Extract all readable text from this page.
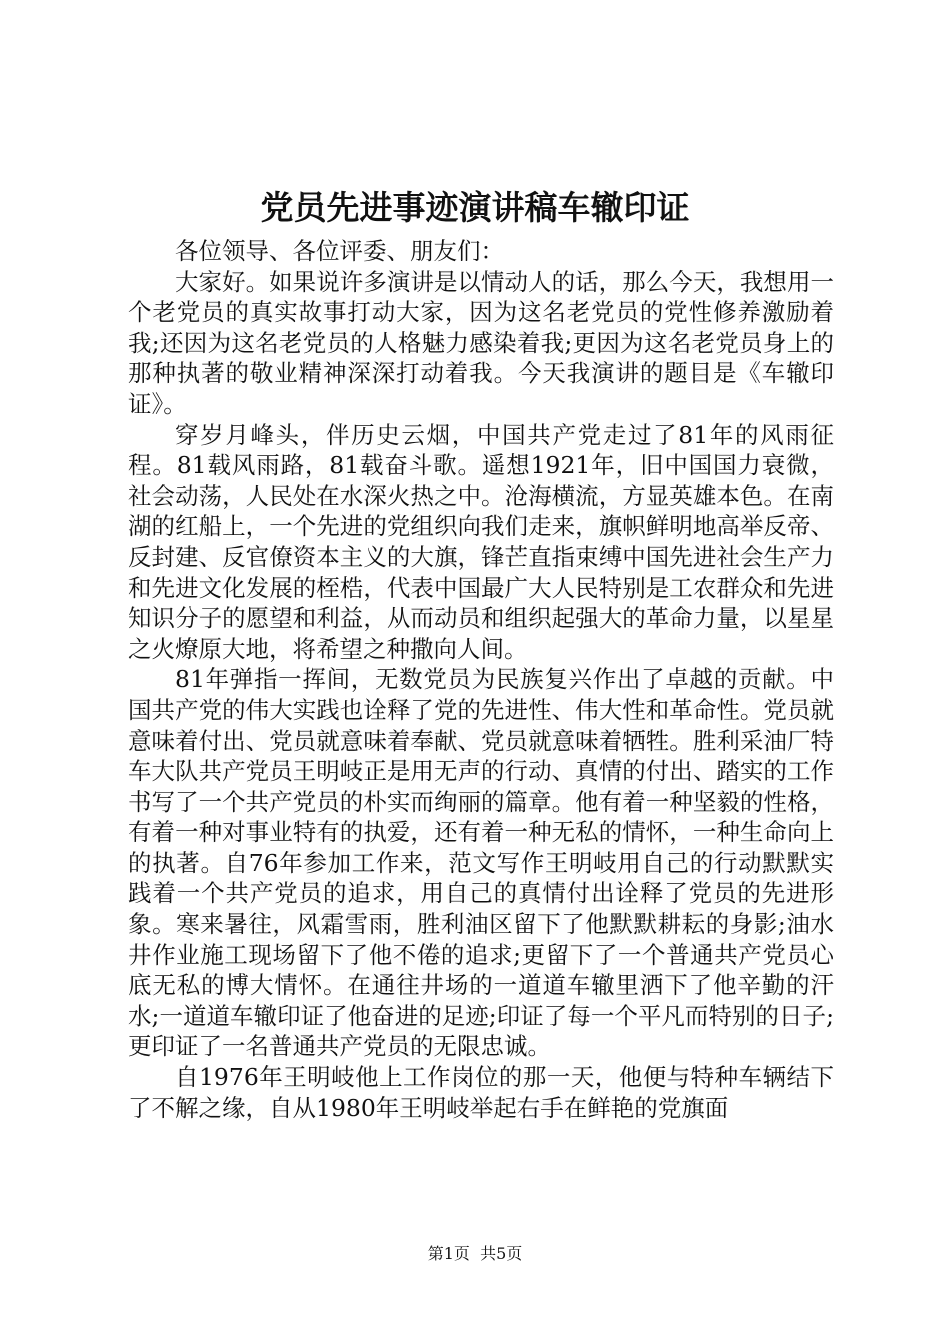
党员先进事迹演讲稿车辙印证

各位领导、各位评委、朋友们：

大家好。如果说许多演讲是以情动人的话，那么今天，我想用一个老党员的真实故事打动大家，因为这名老党员的党性修养激励着我;还因为这名老党员的人格魅力感染着我;更因为这名老党员身上的那种执著的敬业精神深深打动着我。今天我演讲的题目是《车辙印证》。

穿岁月峰头，伴历史云烟，中国共产党走过了81年的风雨征程。81载风雨路，81载奋斗歌。遥想1921年，旧中国国力衰微，社会动荡，人民处在水深火热之中。沧海横流，方显英雄本色。在南湖的红船上，一个先进的党组织向我们走来，旗帜鲜明地高举反帝、反封建、反官僚资本主义的大旗，锋芒直指束缚中国先进社会生产力和先进文化发展的桎梏，代表中国最广大人民特别是工农群众和先进知识分子的愿望和利益，从而动员和组织起强大的革命力量，以星星之火燎原大地，将希望之种撒向人间。

81年弹指一挥间，无数党员为民族复兴作出了卓越的贡献。中国共产党的伟大实践也诠释了党的先进性、伟大性和革命性。党员就意味着付出、党员就意味着奉献、党员就意味着牺牲。胜利采油厂特车大队共产党员王明岐正是用无声的行动、真情的付出、踏实的工作书写了一个共产党员的朴实而绚丽的篇章。他有着一种坚毅的性格，有着一种对事业特有的执爱，还有着一种无私的情怀，一种生命向上的执著。自76年参加工作来，范文写作王明岐用自己的行动默默实践着一个共产党员的追求，用自己的真情付出诠释了党员的先进形象。寒来暑往，风霜雪雨，胜利油区留下了他默默耕耘的身影;油水井作业施工现场留下了他不倦的追求;更留下了一个普通共产党员心底无私的博大情怀。在通往井场的一道道车辙里洒下了他辛勤的汗水;一道道车辙印证了他奋进的足迹;印证了每一个平凡而特别的日子;更印证了一名普通共产党员的无限忠诚。

自1976年王明岐他上工作岗位的那一天，他便与特种车辆结下了不解之缘，自从1980年王明岐举起右手在鲜艳的党旗面

第1页 共5页
